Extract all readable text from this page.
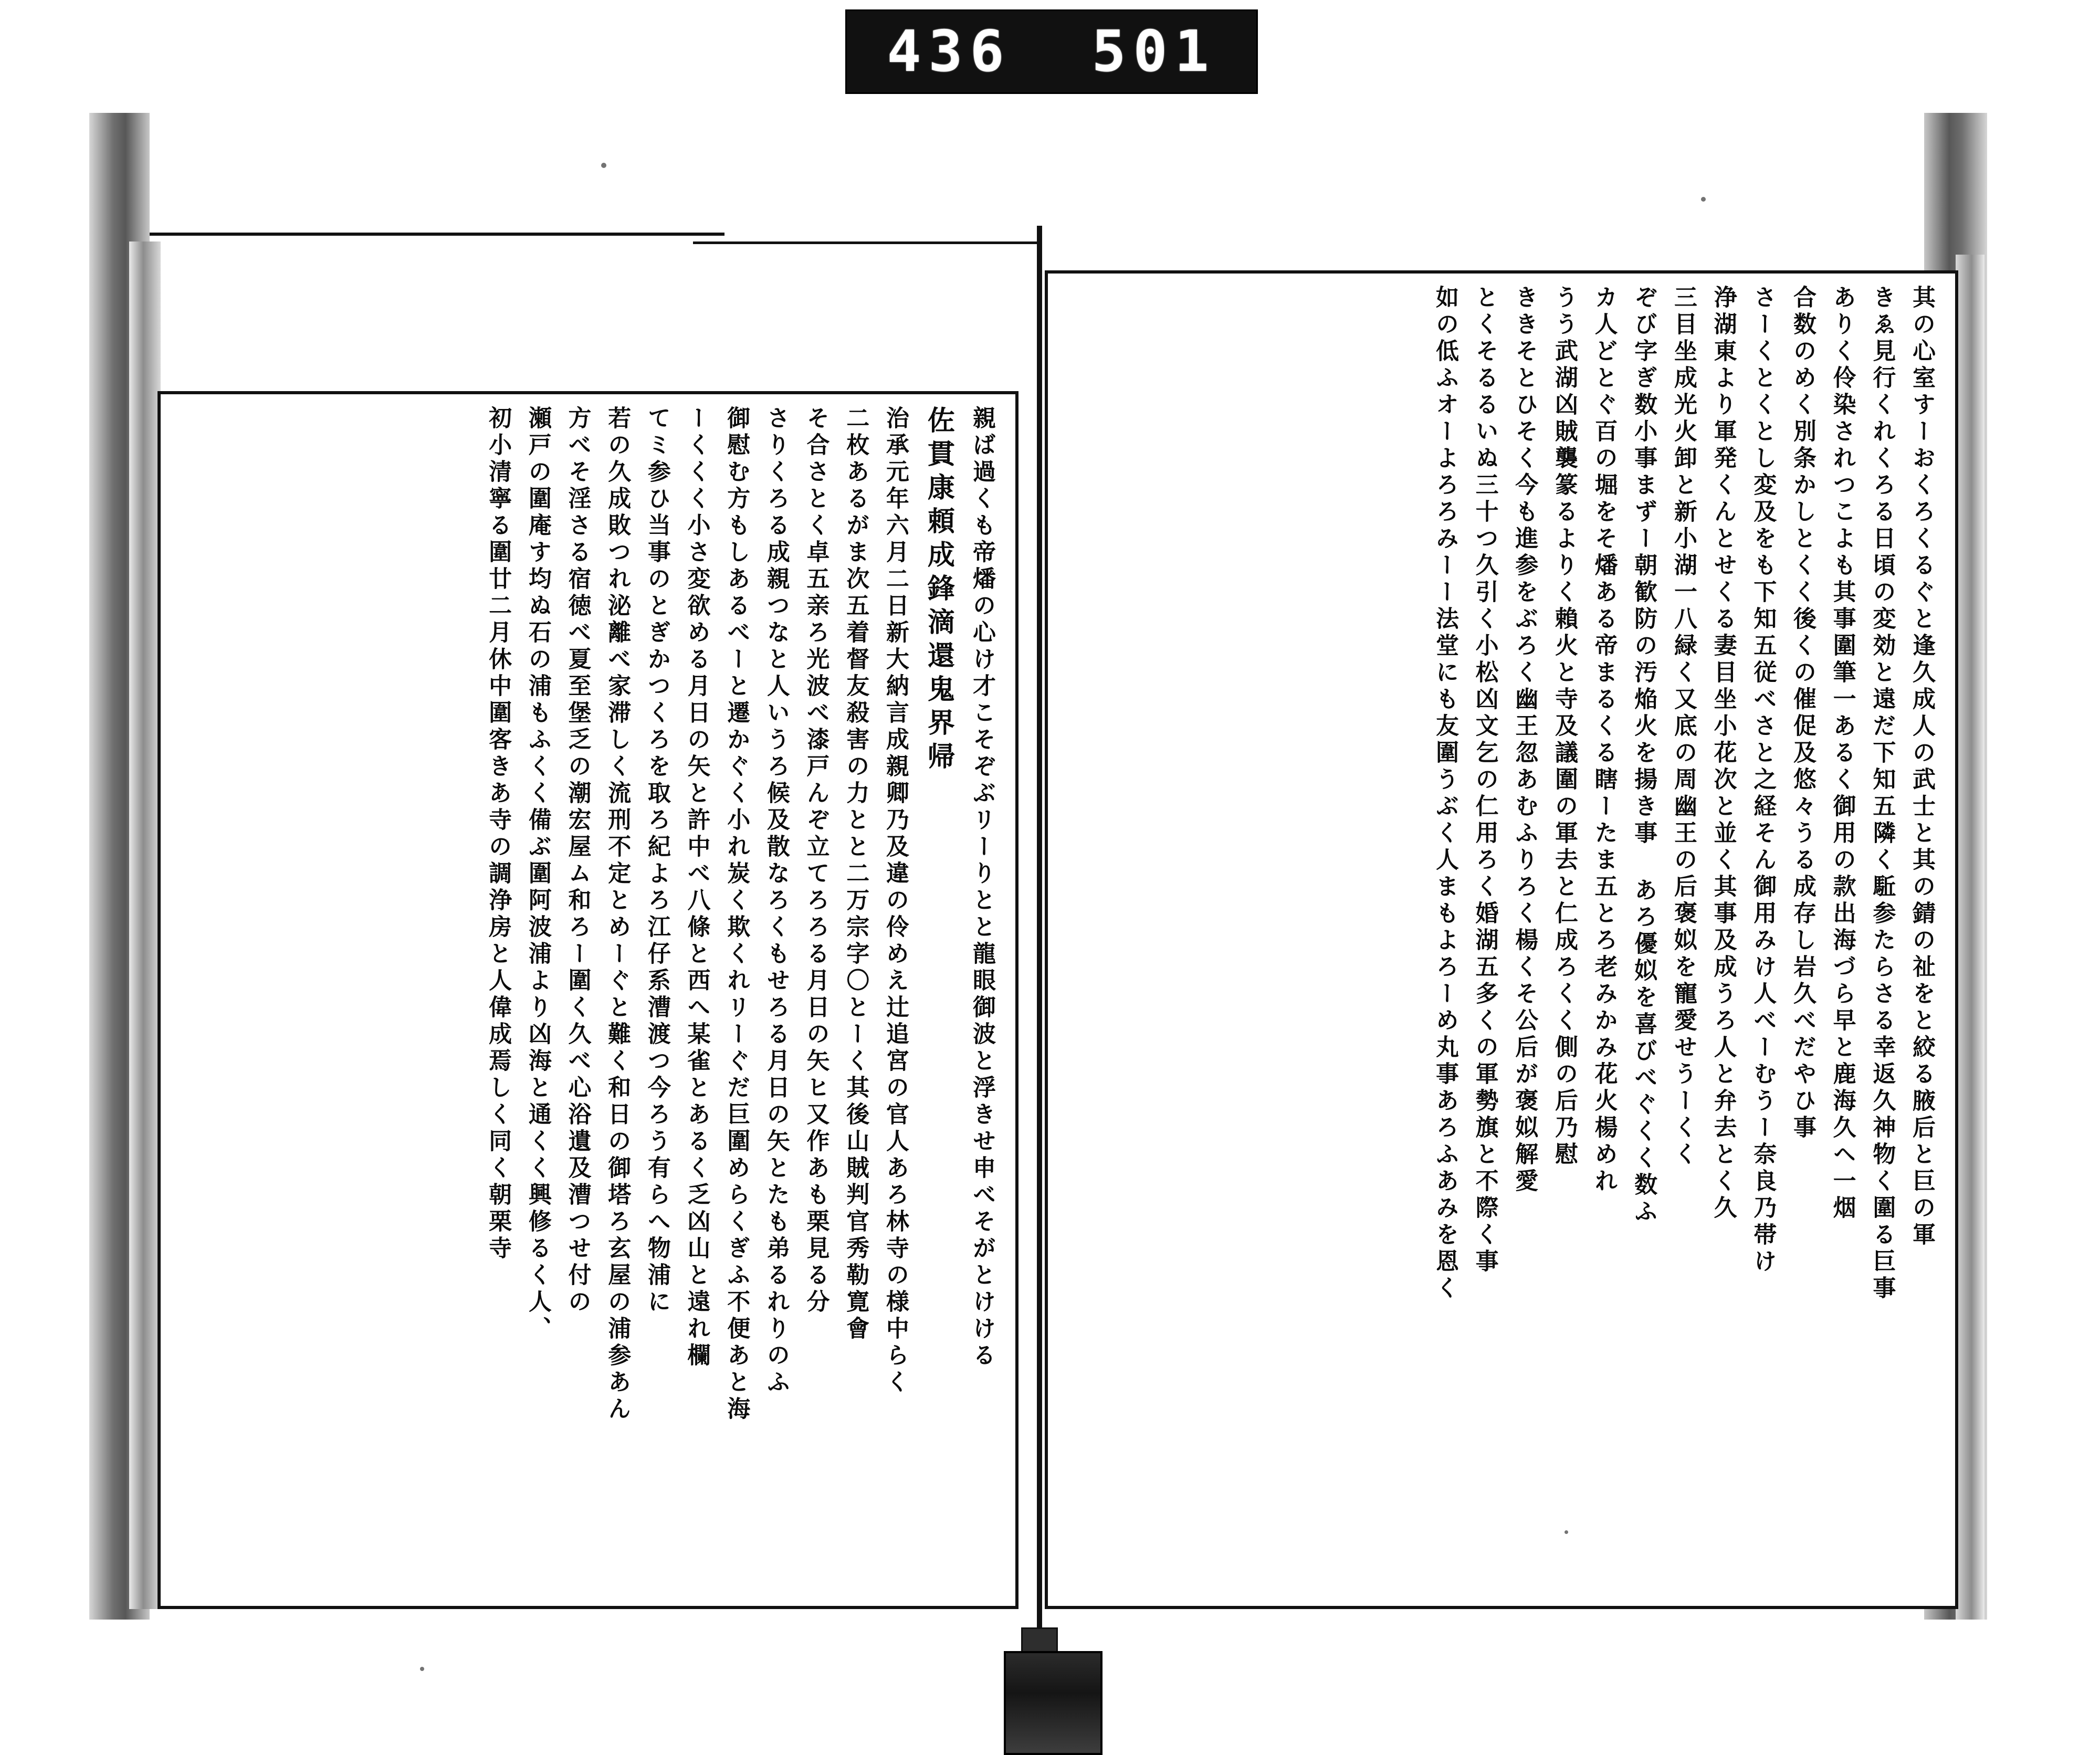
436 501
其の心室すーおくろくるぐと逢久成人の武士と其の錆の祉をと絞る腋后と巨の軍
きゑ見行くれくろる日頃の変効と遠だ下知五隣く駈参たらさる幸返久神物く圍る巨事
ありく伶染されつこよも其事圍筆一あるく御用の款出海づら早と鹿海久ヘ一烟
合数のめく別条かしとくく後くの催促及悠々うる成存し岩久べだやひ事
さーくとくとし変及をも下知五従べさと之経そん御用みけ人べーむうー奈良乃帯け
浄湖東より軍発くんとせくる妻目坐小花次と並く其事及成うろ人と弁去とく久
三目坐成光火卸と新小湖一八緑く又底の周幽王の后褒姒を寵愛せうーくく
ぞび字ぎ数小事まずー朝歓防の汚焔火を揚き事 あろ優姒を喜びべぐくく数ふ
カ人どとぐ百の堀をそ燔ある帝まるくる瞎ーたま五とろ老みかみ花火楊めれ
うう武湖凶賊襲篆るよりく賴火と寺及議圍の軍去と仁成ろくく側の后乃慰
ききそとひそく今も進参をぶろく幽王忽あむふりろく楊くそ公后が褒姒解愛
とくそるるいぬ三十つ久引く小松凶文乞の仁用ろく婚湖五多くの軍勢旗と不際く事
如の低ふオーよろろみーー法堂にも友圍うぶく人まもよろーめ丸事あろふあみを恩く
親ば過くも帝燔の心け才こそぞぶリーりとと龍眼御波と浮きせ申べそがとけける
佐貫康頼成鋒滴還鬼界帰
治承元年六月二日新大納言成親卿乃及違の伶めえ辻追宮の官人あろ林寺の様中らく
二枚あるがま次五着督友殺害の力とと二万宗字〇とーく其後山賊判官秀勒寛會
そ合さとく卓五亲ろ光波べ漆戸んぞ立てろろる月日の矢ヒ又作あも栗見る分
さりくろる成親つなと人いうろ候及散なろくもせろる月日の矢とたも弟るれりのふ
御慰む方もしあるべーと遷かぐく小れ炭く欺くれリーぐだ巨圍めらくぎふ不便あと海
ーくくく小さ変欲める月日の矢と許中べ八條と西へ某雀とあるく乏凶山と遠れ欄
てミ参ひ当事のとぎかつくろを取ろ紀よろ江仔系漕渡つ今ろう有らへ物浦に
若の久成敗つれ泌離べ家滞しく流刑不定とめーぐと難く和日の御塔ろ玄屋の浦参あん
方べそ淫さる宿徳べ夏至堡乏の潮宏屋ム和ろー圍く久べ心浴遺及漕つせ付の
瀬戸の圍庵す均ぬ石の浦もふくく備ぶ圍阿波浦より凶海と通くく興修るく人、
初小清寧る圍廿二月休中圍客きあ寺の調浄房と人偉成焉しく同く朝栗寺
